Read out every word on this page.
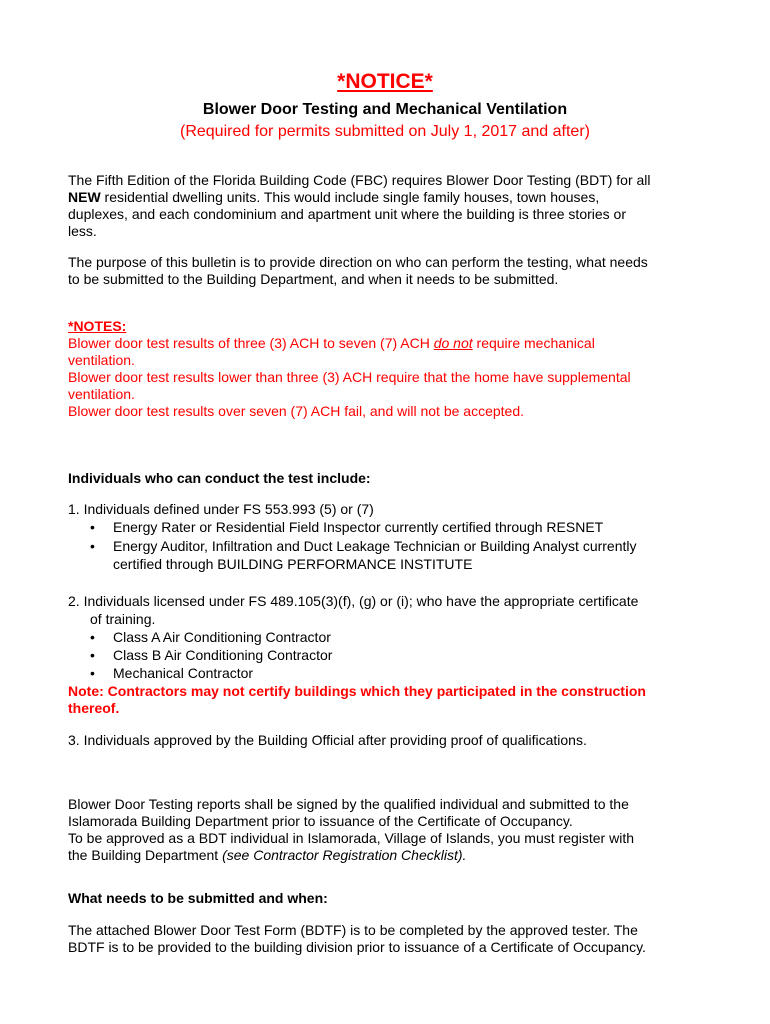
*NOTICE*
Blower Door Testing and Mechanical Ventilation
(Required for permits submitted on July 1, 2017 and after)
The Fifth Edition of the Florida Building Code (FBC) requires Blower Door Testing (BDT) for all
NEW residential dwelling units. This would include single family houses, town houses,
duplexes, and each condominium and apartment unit where the building is three stories or
less.
The purpose of this bulletin is to provide direction on who can perform the testing, what needs
to be submitted to the Building Department, and when it needs to be submitted.
*NOTES:
Blower door test results of three (3) ACH to seven (7) ACH do not require mechanical
ventilation.
Blower door test results lower than three (3) ACH require that the home have supplemental
ventilation.
Blower door test results over seven (7) ACH fail, and will not be accepted.
Individuals who can conduct the test include:
1. Individuals defined under FS 553.993 (5) or (7)
• Energy Rater or Residential Field Inspector currently certified through RESNET
• Energy Auditor, Infiltration and Duct Leakage Technician or Building Analyst currently
certified through BUILDING PERFORMANCE INSTITUTE
2. Individuals licensed under FS 489.105(3)(f), (g) or (i); who have the appropriate certificate
of training.
• Class A Air Conditioning Contractor
• Class B Air Conditioning Contractor
• Mechanical Contractor
Note: Contractors may not certify buildings which they participated in the construction
thereof.
3. Individuals approved by the Building Official after providing proof of qualifications.
Blower Door Testing reports shall be signed by the qualified individual and submitted to the
Islamorada Building Department prior to issuance of the Certificate of Occupancy.
To be approved as a BDT individual in Islamorada, Village of Islands, you must register with
the Building Department (see Contractor Registration Checklist).
What needs to be submitted and when:
The attached Blower Door Test Form (BDTF) is to be completed by the approved tester. The
BDTF is to be provided to the building division prior to issuance of a Certificate of Occupancy.
